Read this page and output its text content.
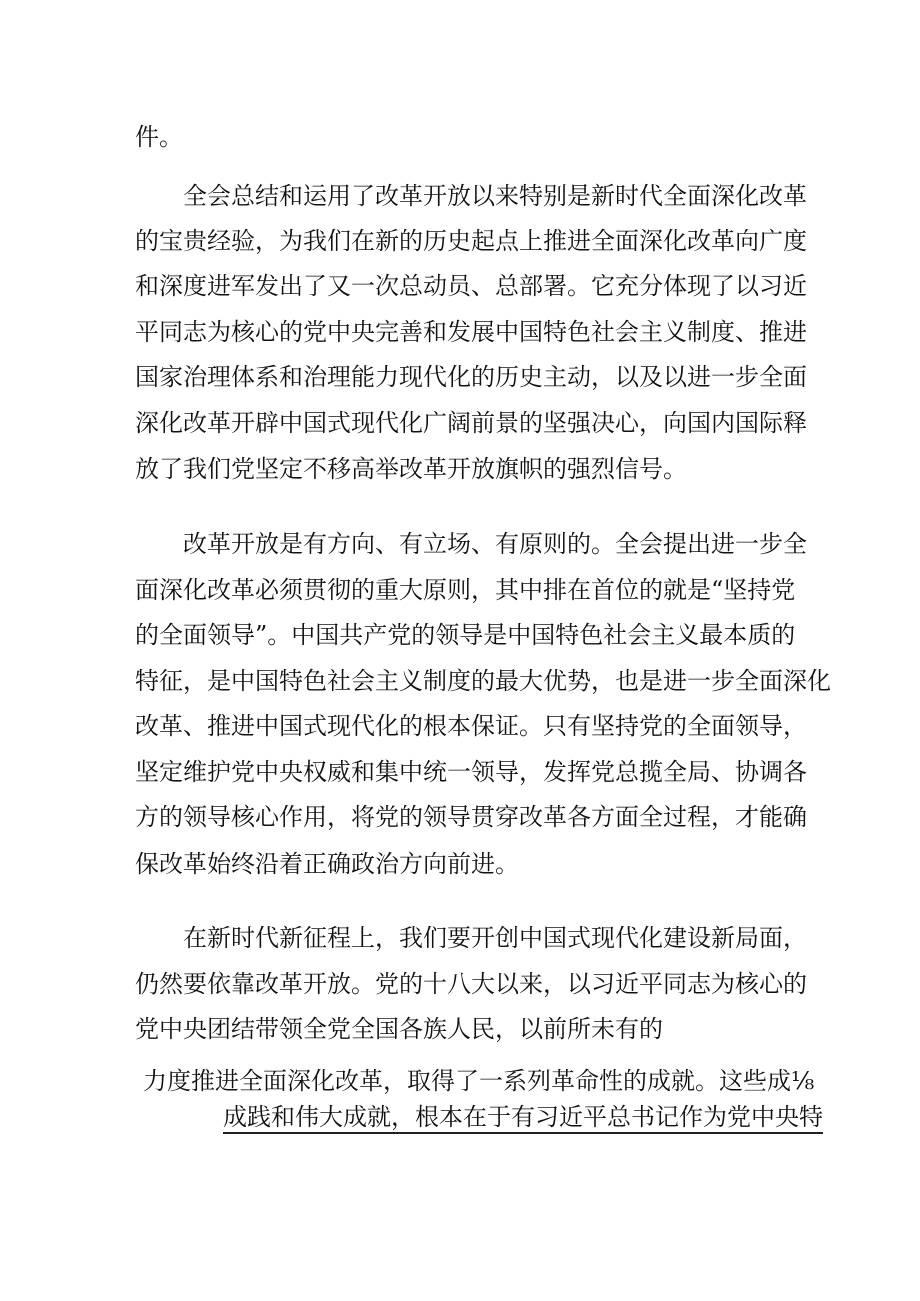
件。
全会总结和运用了改革开放以来特别是新时代全面深化改革
的宝贵经验，为我们在新的历史起点上推进全面深化改革向广度
和深度进军发出了又一次总动员、总部署。它充分体现了以习近
平同志为核心的党中央完善和发展中国特色社会主义制度、推进
国家治理体系和治理能力现代化的历史主动，以及以进一步全面
深化改革开辟中国式现代化广阔前景的坚强决心，向国内国际释
放了我们党坚定不移高举改革开放旗帜的强烈信号。
改革开放是有方向、有立场、有原则的。全会提出进一步全
面深化改革必须贯彻的重大原则，其中排在首位的就是“坚持党
的全面领导”。中国共产党的领导是中国特色社会主义最本质的
特征，是中国特色社会主义制度的最大优势，也是进一步全面深化
改革、推进中国式现代化的根本保证。只有坚持党的全面领导，
坚定维护党中央权威和集中统一领导，发挥党总揽全局、协调各
方的领导核心作用，将党的领导贯穿改革各方面全过程，才能确
保改革始终沿着正确政治方向前进。
在新时代新征程上，我们要开创中国式现代化建设新局面，
仍然要依靠改革开放。党的十八大以来，以习近平同志为核心的
党中央团结带领全党全国各族人民，以前所未有的
力度推进全面深化改革，取得了一系列革命性的成就。这些成⅛
成践和伟大成就，根本在于有习近平总书记作为党中央特
